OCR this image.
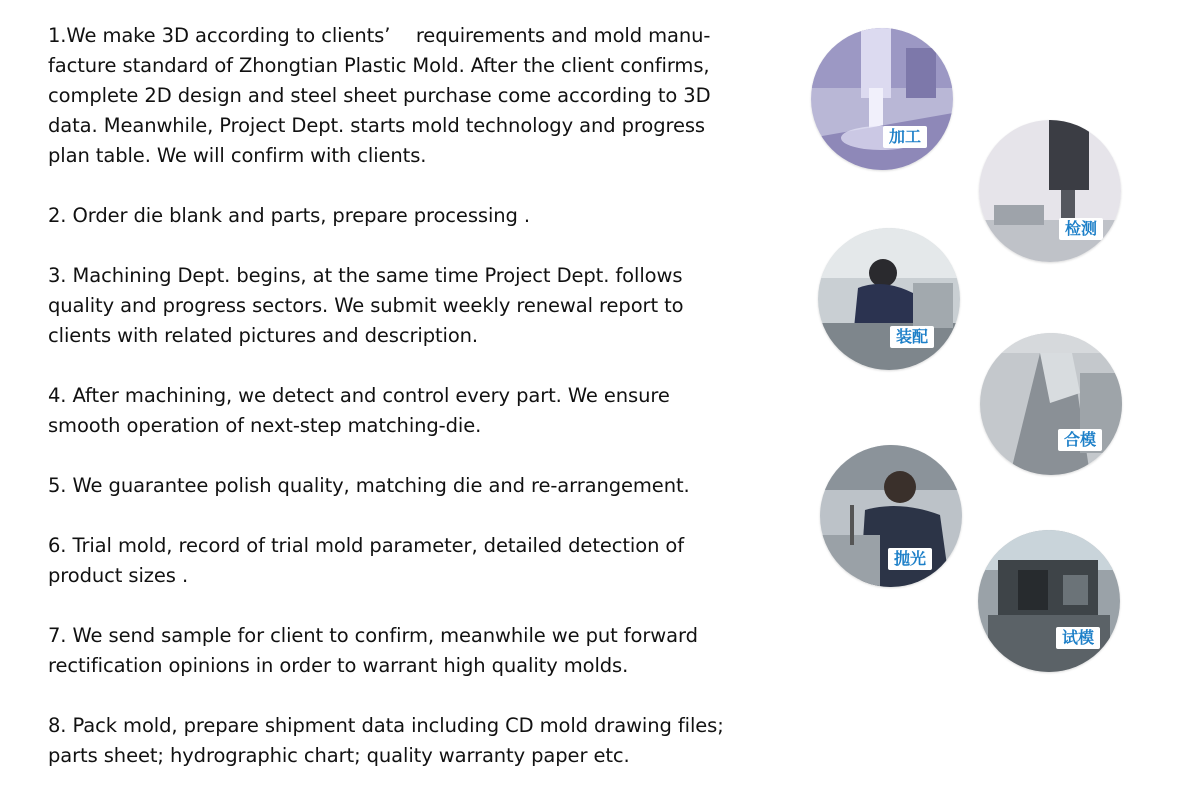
1.We make 3D according to clients’  requirements and mold manu-facture standard of Zhongtian Plastic Mold. After the client confirms, complete 2D design and steel sheet purchase come according to 3D data. Meanwhile, Project Dept. starts mold technology and progress plan table. We will confirm with clients.

2. Order die blank and parts, prepare processing .

3. Machining Dept. begins, at the same time Project Dept. follows quality and progress sectors. We submit weekly renewal report to clients with related pictures and description.

4. After machining, we detect and control every part. We ensure smooth operation of next-step matching-die.

5. We guarantee polish quality, matching die and re-arrangement.

6. Trial mold, record of trial mold parameter, detailed detection of product sizes .

7. We send sample for client to confirm, meanwhile we put forward rectification opinions in order to warrant high quality molds.

8. Pack mold, prepare shipment data including CD mold drawing files; parts sheet; hydrographic chart; quality warranty paper etc.

加工
检测
装配
合模
抛光
试模
